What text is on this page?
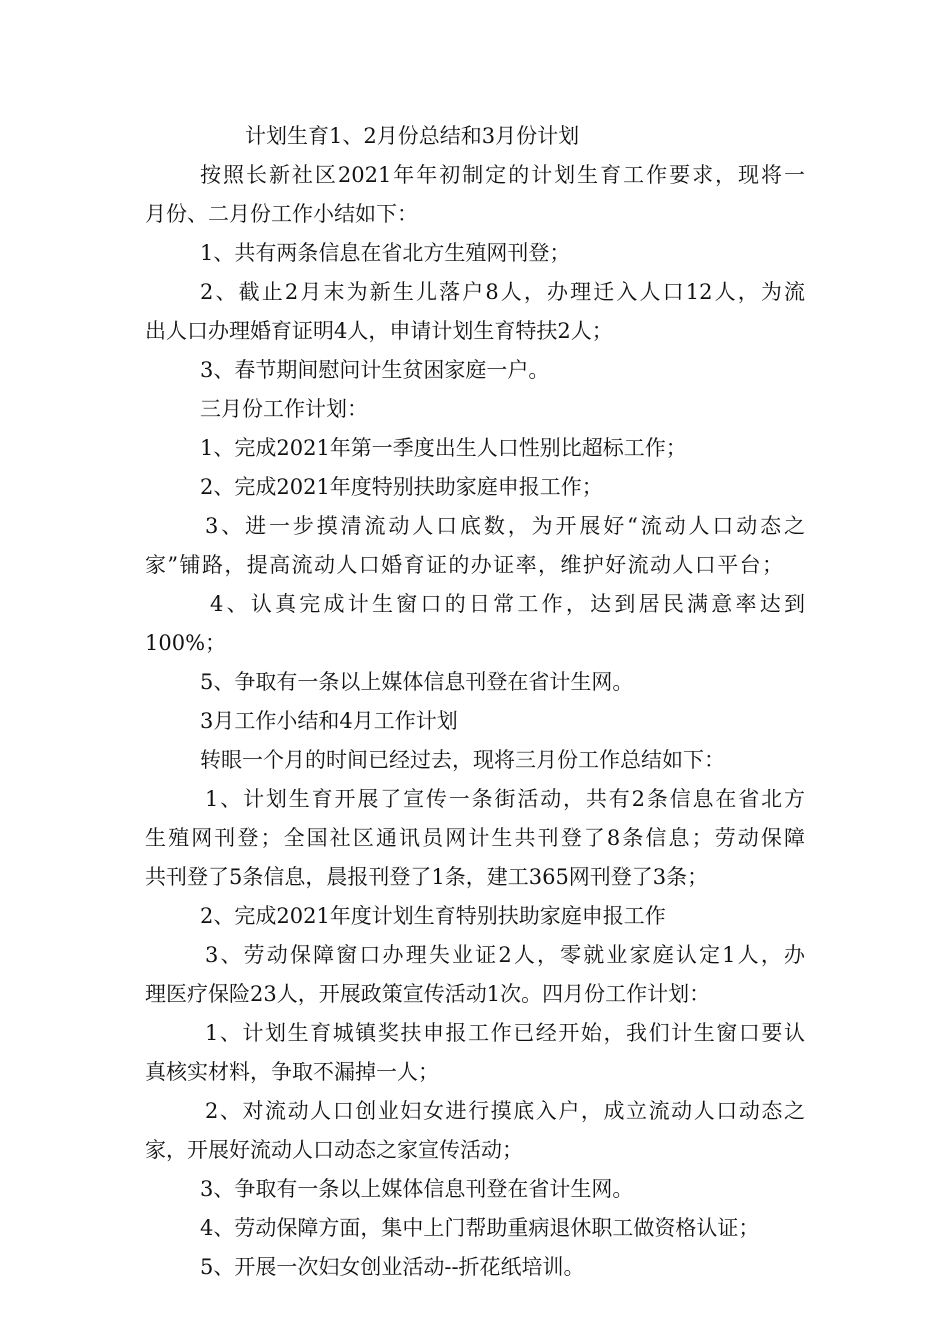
计划生育1、2月份总结和3月份计划
按照长新社区2021年年初制定的计划生育工作要求，现将一
月份、二月份工作小结如下：
1、共有两条信息在省北方生殖网刊登；
2、截止2月末为新生儿落户8人，办理迁入人口12人，为流
出人口办理婚育证明4人，申请计划生育特扶2人；
3、春节期间慰问计生贫困家庭一户。
三月份工作计划：
1、完成2021年第一季度出生人口性别比超标工作；
2、完成2021年度特别扶助家庭申报工作；
3、进一步摸清流动人口底数，为开展好“流动人口动态之
家”铺路，提高流动人口婚育证的办证率，维护好流动人口平台；
4、认真完成计生窗口的日常工作，达到居民满意率达到
100%；
5、争取有一条以上媒体信息刊登在省计生网。
3月工作小结和4月工作计划
转眼一个月的时间已经过去，现将三月份工作总结如下：
1、计划生育开展了宣传一条街活动，共有2条信息在省北方
生殖网刊登；全国社区通讯员网计生共刊登了8条信息；劳动保障
共刊登了5条信息，晨报刊登了1条，建工365网刊登了3条；
2、完成2021年度计划生育特别扶助家庭申报工作
3、劳动保障窗口办理失业证2人，零就业家庭认定1人，办
理医疗保险23人，开展政策宣传活动1次。四月份工作计划：
1、计划生育城镇奖扶申报工作已经开始，我们计生窗口要认
真核实材料，争取不漏掉一人；
2、对流动人口创业妇女进行摸底入户，成立流动人口动态之
家，开展好流动人口动态之家宣传活动；
3、争取有一条以上媒体信息刊登在省计生网。
4、劳动保障方面，集中上门帮助重病退休职工做资格认证；
5、开展一次妇女创业活动--折花纸培训。
